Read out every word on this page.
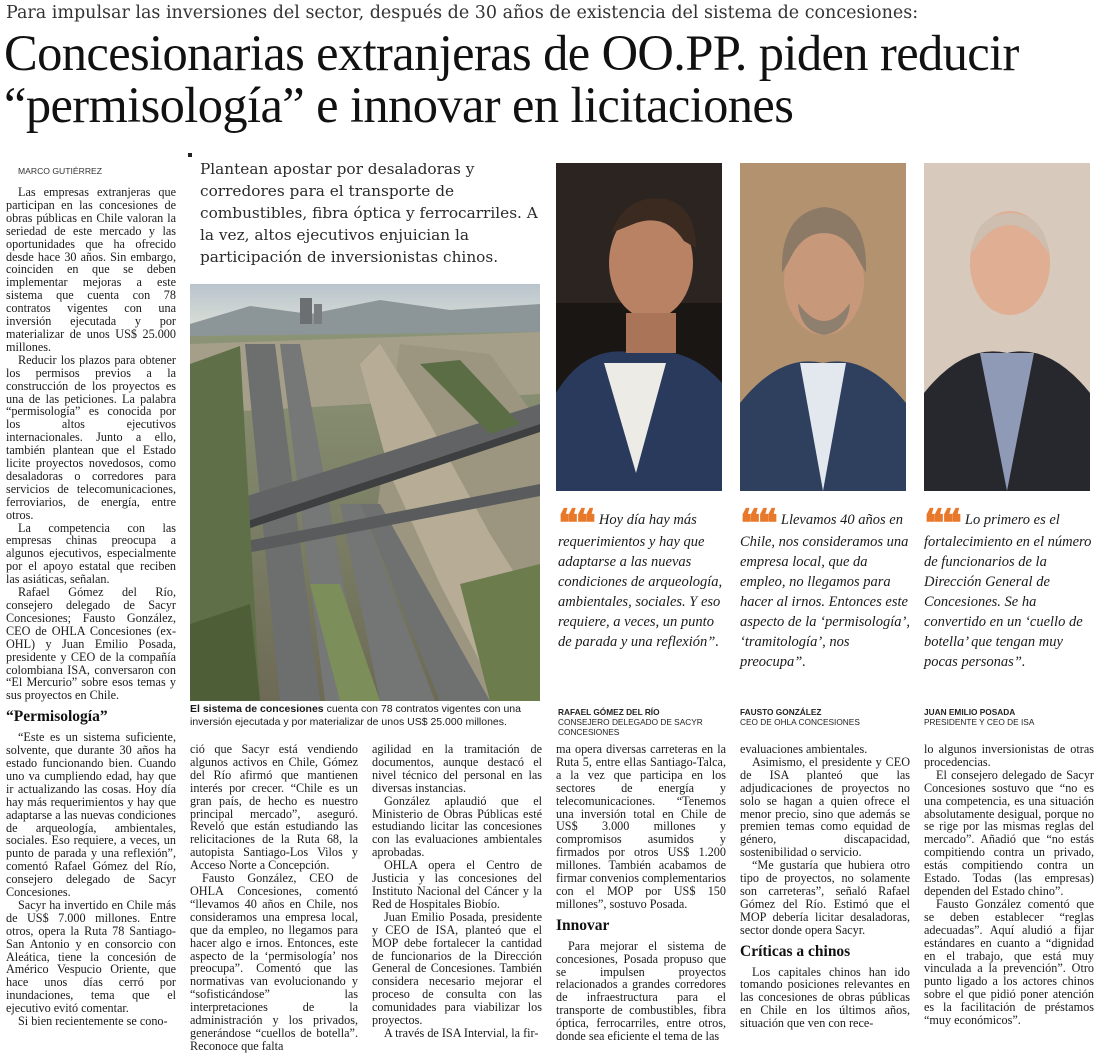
Para impulsar las inversiones del sector, después de 30 años de existencia del sistema de concesiones:
Concesionarias extranjeras de OO.PP. piden reducir “permisología” e innovar en licitaciones
MARCO GUTIÉRREZ	Plantean apostar por desaladoras y corredores para el transporte de combustibles, fibra óptica y ferrocarriles. A la vez, altos ejecutivos enjuician la participación de inversionistas chinos.

Las empresas extranjeras que participan en las concesiones de obras públicas en Chile valoran la seriedad de este mercado y las oportunidades que ha ofrecido desde hace 30 años. Sin embargo, coinciden en que se deben implementar mejoras a este sistema que cuenta con 78 contratos vigentes con una inversión ejecutada y por materializar de unos US$ 25.000 millones.

Reducir los plazos para obtener los permisos previos a la construcción de los proyectos es una de las peticiones. La palabra “permisología” es conocida por los altos ejecutivos internacionales. Junto a ello, también plantean que el Estado licite proyectos novedosos, como desaladoras o corredores para servicios de telecomunicaciones, ferroviarios, de energía, entre otros.

La competencia con las empresas chinas preocupa a algunos ejecutivos, especialmente por el apoyo estatal que reciben las asiáticas, señalan.

Rafael Gómez del Río, consejero delegado de Sacyr Concesiones; Fausto González, CEO de OHLA Concesiones (ex-OHL) y Juan Emilio Posada, presidente y CEO de la compañía colombiana ISA, conversaron con “El Mercurio” sobre esos temas y sus proyectos en Chile.

“Permisología”

“Este es un sistema suficiente, solvente, que durante 30 años ha estado funcionando bien. Cuando uno va cumpliendo edad, hay que ir actualizando las cosas. Hoy día hay más requerimientos y hay que adaptarse a las nuevas condiciones de arqueología, ambientales, sociales. Eso requiere, a veces, un punto de parada y una reflexión”, comentó Rafael Gómez del Río, consejero delegado de Sacyr Concesiones.

Sacyr ha invertido en Chile más de US$ 7.000 millones. Entre otros, opera la Ruta 78 Santiago-San Antonio y en consorcio con Aleática, tiene la concesión de Américo Vespucio Oriente, que hace unos días cerró por inundaciones, tema que el ejecutivo evitó comentar.

Si bien recientemente se cono-

El sistema de concesiones cuenta con 78 contratos vigentes con una inversión ejecutada y por materializar de unos US$ 25.000 millones.
❝❝ Hoy día hay más requerimientos y hay que adaptarse a las nuevas condiciones de arqueología, ambientales, sociales. Y eso requiere, a veces, un punto de parada y una reflexión”.
RAFAEL GÓMEZ DEL RÍO
CONSEJERO DELEGADO DE SACYR CONCESIONES
❝❝ Llevamos 40 años en Chile, nos consideramos una empresa local, que da empleo, no llegamos para hacer al irnos. Entonces este aspecto de la ‘permisología’, ‘tramitología’, nos preocupa”.
FAUSTO GONZÁLEZ
CEO DE OHLA CONCESIONES
❝❝ Lo primero es el fortalecimiento en el número de funcionarios de la Dirección General de Concesiones. Se ha convertido en un ‘cuello de botella’ que tengan muy pocas personas”.
JUAN EMILIO POSADA
PRESIDENTE Y CEO DE ISA

ció que Sacyr está vendiendo algunos activos en Chile, Gómez del Río afirmó que mantienen interés por crecer. “Chile es un gran país, de hecho es nuestro principal mercado”, aseguró. Reveló que están estudiando las relicitaciones de la Ruta 68, la autopista Santiago-Los Vilos y Acceso Norte a Concepción.

Fausto González, CEO de OHLA Concesiones, comentó “llevamos 40 años en Chile, nos consideramos una empresa local, que da empleo, no llegamos para hacer algo e irnos. Entonces, este aspecto de la ‘permisología’ nos preocupa”. Comentó que las normativas van evolucionando y “sofisticándose” las interpretaciones de la administración y los privados, generándose “cuellos de botella”. Reconoce que falta

agilidad en la tramitación de documentos, aunque destacó el nivel técnico del personal en las diversas instancias.

González aplaudió que el Ministerio de Obras Públicas esté estudiando licitar las concesiones con las evaluaciones ambientales aprobadas.

OHLA opera el Centro de Justicia y las concesiones del Instituto Nacional del Cáncer y la Red de Hospitales Biobío.

Juan Emilio Posada, presidente y CEO de ISA, planteó que el MOP debe fortalecer la cantidad de funcionarios de la Dirección General de Concesiones. También considera necesario mejorar el proceso de consulta con las comunidades para viabilizar los proyectos.

A través de ISA Intervial, la fir-

ma opera diversas carreteras en la Ruta 5, entre ellas Santiago-Talca, a la vez que participa en los sectores de energía y telecomunicaciones. “Tenemos una inversión total en Chile de US$ 3.000 millones y compromisos asumidos y firmados por otros US$ 1.200 millones. También acabamos de firmar convenios complementarios con el MOP por US$ 150 millones”, sostuvo Posada.

Innovar

Para mejorar el sistema de concesiones, Posada propuso que se impulsen proyectos relacionados a grandes corredores de infraestructura para el transporte de combustibles, fibra óptica, ferrocarriles, entre otros, donde sea eficiente el tema de las

evaluaciones ambientales.

Asimismo, el presidente y CEO de ISA planteó que las adjudicaciones de proyectos no solo se hagan a quien ofrece el menor precio, sino que además se premien temas como equidad de género, discapacidad, sostenibilidad o servicio.

“Me gustaría que hubiera otro tipo de proyectos, no solamente son carreteras”, señaló Rafael Gómez del Río. Estimó que el MOP debería licitar desaladoras, sector donde opera Sacyr.

Críticas a chinos

Los capitales chinos han ido tomando posiciones relevantes en las concesiones de obras públicas en Chile en los últimos años, situación que ven con rece-

lo algunos inversionistas de otras procedencias.

El consejero delegado de Sacyr Concesiones sostuvo que “no es una competencia, es una situación absolutamente desigual, porque no se rige por las mismas reglas del mercado”. Añadió que “no estás compitiendo contra un privado, estás compitiendo contra un Estado. Todas (las empresas) dependen del Estado chino”.

Fausto González comentó que se deben establecer “reglas adecuadas”. Aquí aludió a fijar estándares en cuanto a “dignidad en el trabajo, que está muy vinculada a la prevención”. Otro punto ligado a los actores chinos sobre el que pidió poner atención es la facilitación de préstamos “muy económicos”.
